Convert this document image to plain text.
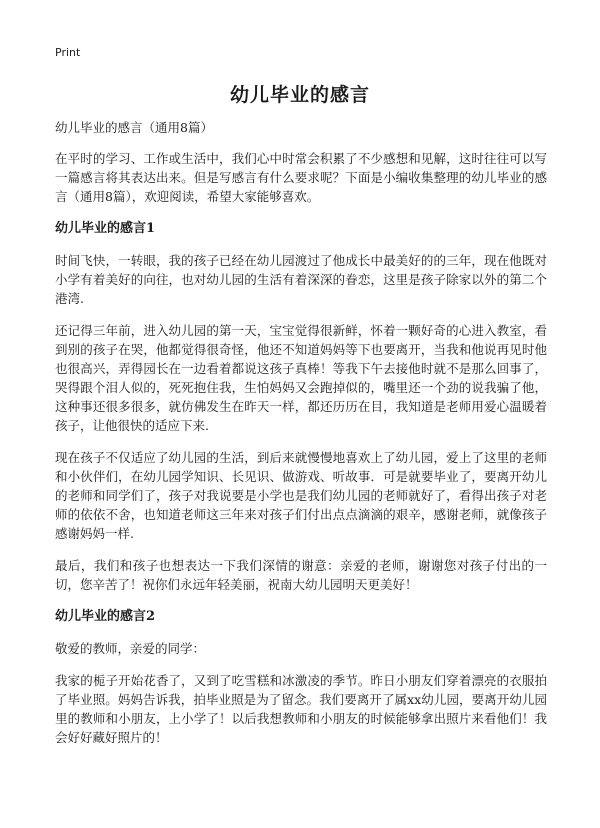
Print
幼儿毕业的感言
幼儿毕业的感言（通用8篇）

在平时的学习、工作或生活中，我们心中时常会积累了不少感想和见解，这时往往可以写一篇感言将其表达出来。但是写感言有什么要求呢？下面是小编收集整理的幼儿毕业的感言（通用8篇），欢迎阅读，希望大家能够喜欢。

幼儿毕业的感言1

时间飞快，一转眼，我的孩子已经在幼儿园渡过了他成长中最美好的的三年，现在他既对小学有着美好的向往，也对幼儿园的生活有着深深的眷恋，这里是孩子除家以外的第二个港湾.

还记得三年前，进入幼儿园的第一天，宝宝觉得很新鲜，怀着一颗好奇的心进入教室，看到别的孩子在哭，他都觉得很奇怪，他还不知道妈妈等下也要离开，当我和他说再见时他也很高兴，弄得园长在一边看着都说这孩子真棒！等我下午去接他时就不是那么回事了，哭得跟个泪人似的，死死抱住我，生怕妈妈又会跑掉似的，嘴里还一个劲的说我骗了他，这种事还很多很多，就仿佛发生在昨天一样，都还历历在目，我知道是老师用爱心温暖着孩子，让他很快的适应下来.

现在孩子不仅适应了幼儿园的生活，到后来就慢慢地喜欢上了幼儿园，爱上了这里的老师和小伙伴们，在幼儿园学知识、长见识、做游戏、听故事．可是就要毕业了，要离开幼儿的老师和同学们了，孩子对我说要是小学也是我们幼儿园的老师就好了，看得出孩子对老师的依依不舍，也知道老师这三年来对孩子们付出点点滴滴的艰辛，感谢老师，就像孩子感谢妈妈一样.

最后，我们和孩子也想表达一下我们深情的谢意：亲爱的老师，谢谢您对孩子付出的一切，您辛苦了！祝你们永远年轻美丽，祝南大幼儿园明天更美好！

幼儿毕业的感言2

敬爱的教师，亲爱的同学：

我家的栀子开始花香了，又到了吃雪糕和冰激凌的季节。昨日小朋友们穿着漂亮的衣服拍了毕业照。妈妈告诉我，拍毕业照是为了留念。我们要离开了属xx幼儿园，要离开幼儿园里的教师和小朋友，上小学了！以后我想教师和小朋友的时候能够拿出照片来看他们！我会好好藏好照片的！
